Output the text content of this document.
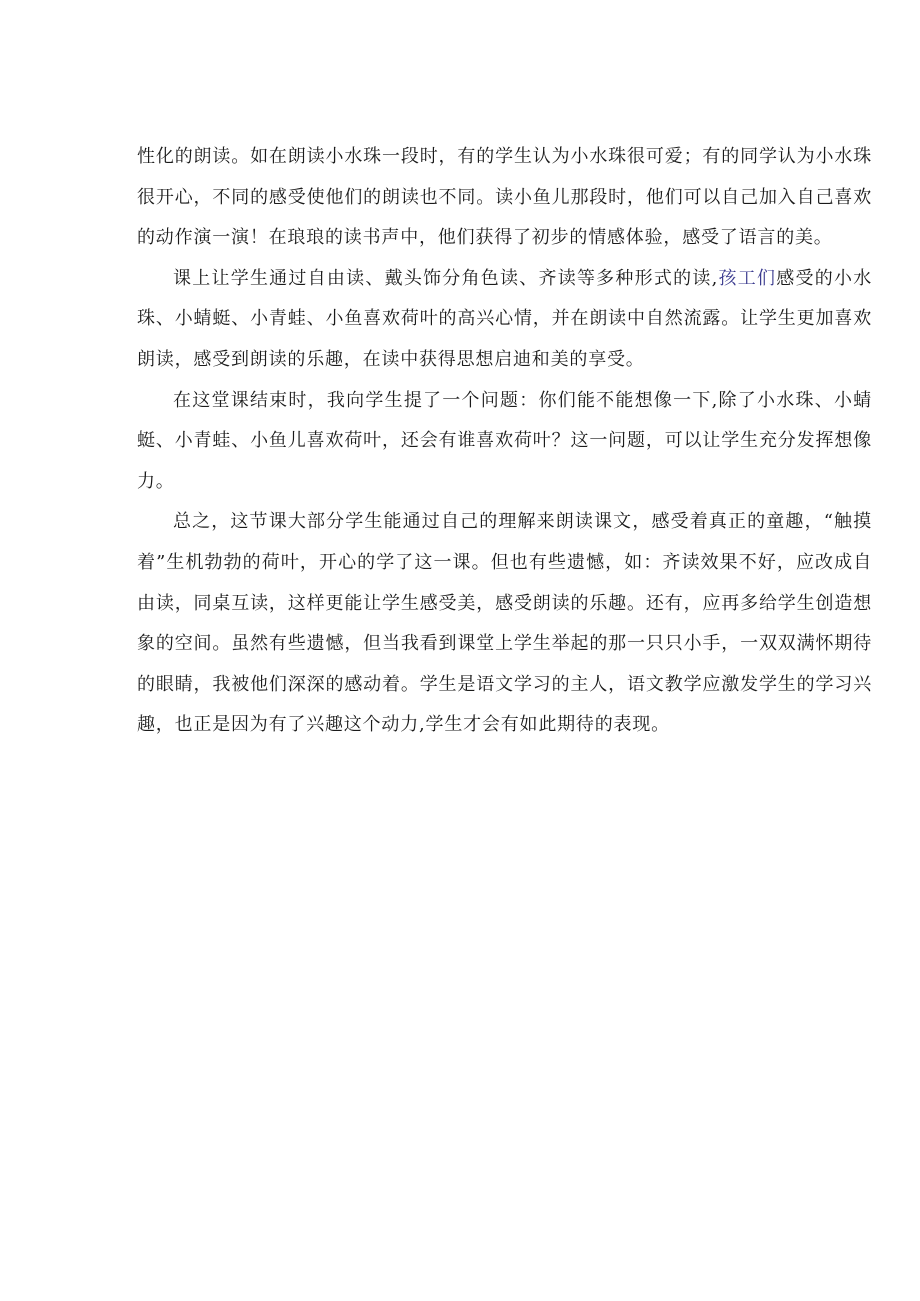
性化的朗读。如在朗读小水珠一段时，有的学生认为小水珠很可爱；有的同学认为小水珠很开心，不同的感受使他们的朗读也不同。读小鱼儿那段时，他们可以自己加入自己喜欢的动作演一演！在琅琅的读书声中，他们获得了初步的情感体验，感受了语言的美。

课上让学生通过自由读、戴头饰分角色读、齐读等多种形式的读,孩工们感受的小水珠、小蜻蜓、小青蛙、小鱼喜欢荷叶的高兴心情，并在朗读中自然流露。让学生更加喜欢朗读，感受到朗读的乐趣，在读中获得思想启迪和美的享受。

在这堂课结束时，我向学生提了一个问题：你们能不能想像一下,除了小水珠、小蜻蜓、小青蛙、小鱼儿喜欢荷叶，还会有谁喜欢荷叶？这一问题，可以让学生充分发挥想像力。

总之，这节课大部分学生能通过自己的理解来朗读课文，感受着真正的童趣，“触摸着”生机勃勃的荷叶，开心的学了这一课。但也有些遗憾，如：齐读效果不好，应改成自由读，同桌互读，这样更能让学生感受美，感受朗读的乐趣。还有，应再多给学生创造想象的空间。虽然有些遗憾，但当我看到课堂上学生举起的那一只只小手，一双双满怀期待的眼睛，我被他们深深的感动着。学生是语文学习的主人，语文教学应激发学生的学习兴趣，也正是因为有了兴趣这个动力,学生才会有如此期待的表现。
